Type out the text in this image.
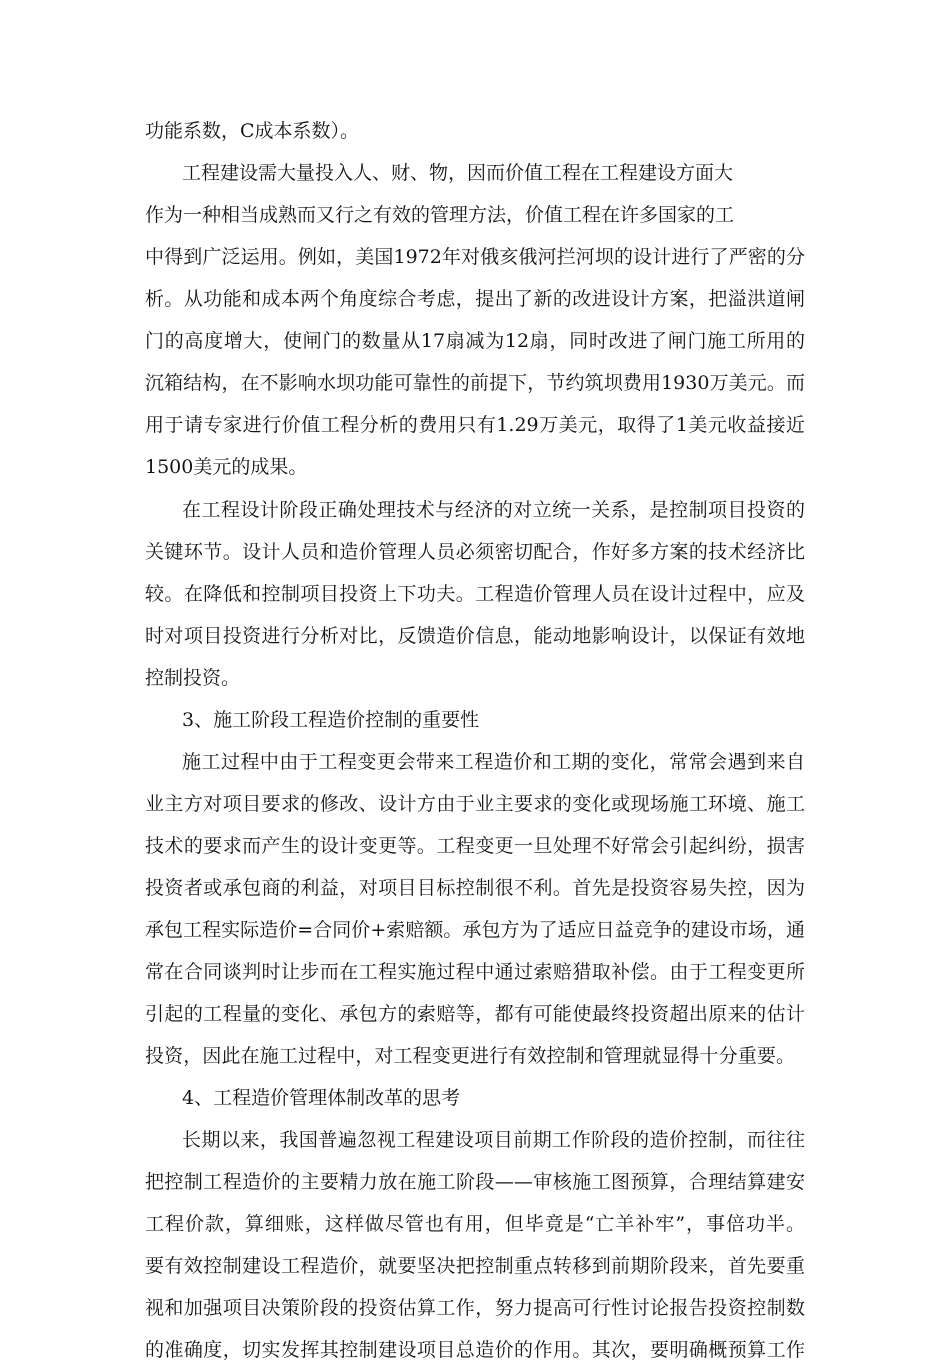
功能系数，C成本系数）。
工程建设需大量投入人、财、物，因而价值工程在工程建设方面大
作为一种相当成熟而又行之有效的管理方法，价值工程在许多国家的工
中得到广泛运用。例如，美国1972年对俄亥俄河拦河坝的设计进行了严密的分
析。从功能和成本两个角度综合考虑，提出了新的改进设计方案，把溢洪道闸
门的高度增大，使闸门的数量从17扇减为12扇，同时改进了闸门施工所用的
沉箱结构，在不影响水坝功能可靠性的前提下，节约筑坝费用1930万美元。而
用于请专家进行价值工程分析的费用只有1.29万美元，取得了1美元收益接近
1500美元的成果。
在工程设计阶段正确处理技术与经济的对立统一关系，是控制项目投资的
关键环节。设计人员和造价管理人员必须密切配合，作好多方案的技术经济比
较。在降低和控制项目投资上下功夫。工程造价管理人员在设计过程中，应及
时对项目投资进行分析对比，反馈造价信息，能动地影响设计，以保证有效地
控制投资。
3、施工阶段工程造价控制的重要性
施工过程中由于工程变更会带来工程造价和工期的变化，常常会遇到来自
业主方对项目要求的修改、设计方由于业主要求的变化或现场施工环境、施工
技术的要求而产生的设计变更等。工程变更一旦处理不好常会引起纠纷，损害
投资者或承包商的利益，对项目目标控制很不利。首先是投资容易失控，因为
承包工程实际造价=合同价+索赔额。承包方为了适应日益竞争的建设市场，通
常在合同谈判时让步而在工程实施过程中通过索赔猎取补偿。由于工程变更所
引起的工程量的变化、承包方的索赔等，都有可能使最终投资超出原来的估计
投资，因此在施工过程中，对工程变更进行有效控制和管理就显得十分重要。
4、工程造价管理体制改革的思考
长期以来，我国普遍忽视工程建设项目前期工作阶段的造价控制，而往往
把控制工程造价的主要精力放在施工阶段——审核施工图预算，合理结算建安
工程价款，算细账，这样做尽管也有用，但毕竟是“亡羊补牢”，事倍功半。
要有效控制建设工程造价，就要坚决把控制重点转移到前期阶段来，首先要重
视和加强项目决策阶段的投资估算工作，努力提高可行性讨论报告投资控制数
的准确度，切实发挥其控制建设项目总造价的作用。其次，要明确概预算工作
